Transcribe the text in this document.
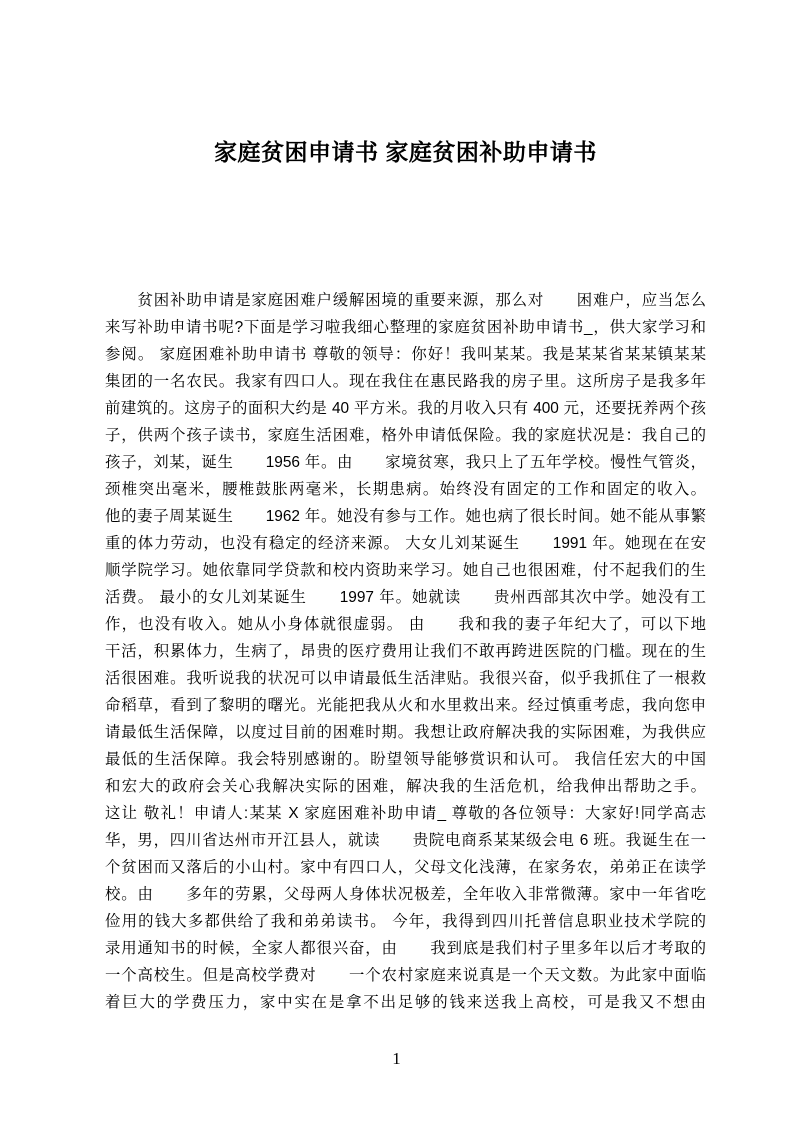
家庭贫困申请书 家庭贫困补助申请书
　　贫困补助申请是家庭困难户缓解困境的重要来源，那么对　　困难户，应当怎么
来写补助申请书呢?下面是学习啦我细心整理的家庭贫困补助申请书_，供大家学习和
参阅。 家庭困难补助申请书 尊敬的领导：你好！我叫某某。我是某某省某某镇某某
集团的一名农民。我家有四口人。现在我住在惠民路我的房子里。这所房子是我多年
前建筑的。这房子的面积大约是 40 平方米。我的月收入只有 400 元，还要抚养两个孩
子，供两个孩子读书，家庭生活困难，格外申请低保险。我的家庭状况是：我自己的
孩子，刘某，诞生　　1956 年。由　　家境贫寒，我只上了五年学校。慢性气管炎，
颈椎突出毫米，腰椎鼓胀两毫米，长期患病。始终没有固定的工作和固定的收入。
他的妻子周某诞生　　1962 年。她没有参与工作。她也病了很长时间。她不能从事繁
重的体力劳动，也没有稳定的经济来源。 大女儿刘某诞生　　1991 年。她现在在安
顺学院学习。她依靠同学贷款和校内资助来学习。她自己也很困难，付不起我们的生
活费。 最小的女儿刘某诞生　　1997 年。她就读　　贵州西部其次中学。她没有工
作，也没有收入。她从小身体就很虚弱。 由　　我和我的妻子年纪大了，可以下地
干活，积累体力，生病了，昂贵的医疗费用让我们不敢再跨进医院的门槛。现在的生
活很困难。我听说我的状况可以申请最低生活津贴。我很兴奋，似乎我抓住了一根救
命稻草，看到了黎明的曙光。光能把我从火和水里救出来。经过慎重考虑，我向您申
请最低生活保障，以度过目前的困难时期。我想让政府解决我的实际困难，为我供应
最低的生活保障。我会特别感谢的。盼望领导能够赏识和认可。 我信任宏大的中国
和宏大的政府会关心我解决实际的困难，解决我的生活危机，给我伸出帮助之手。
这让 敬礼！申请人:某某 X 家庭困难补助申请_ 尊敬的各位领导：大家好!同学高志
华，男，四川省达州市开江县人，就读　　贵院电商系某某级会电 6 班。我诞生在一
个贫困而又落后的小山村。家中有四口人，父母文化浅薄，在家务农，弟弟正在读学
校。由　　多年的劳累，父母两人身体状况极差，全年收入非常微薄。家中一年省吃
俭用的钱大多都供给了我和弟弟读书。 今年，我得到四川托普信息职业技术学院的
录用通知书的时候，全家人都很兴奋，由　　我到底是我们村子里多年以后才考取的
一个高校生。但是高校学费对　　一个农村家庭来说真是一个天文数。为此家中面临
着巨大的学费压力，家中实在是拿不出足够的钱来送我上高校，可是我又不想由
1
